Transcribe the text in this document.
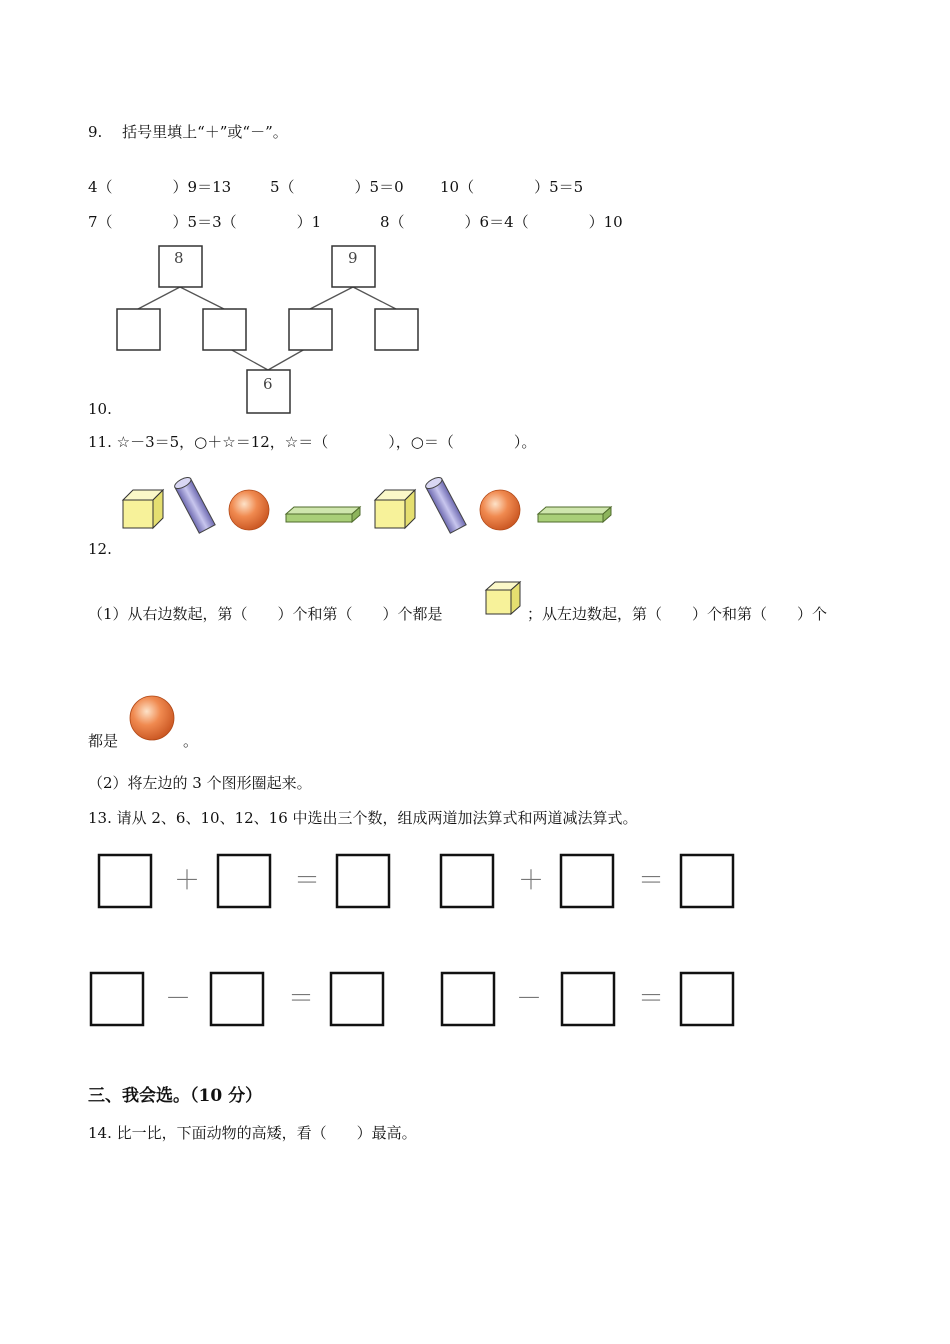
9.　 括号里填上“＋”或“－”。
4（　　　　）9＝13	5（　　　　）5＝0 10（　　　　）5＝5
7（　　　　）5＝3（　　　　）1	8（　　　　）6＝4（　　　　）10
8	9
6
10.
11. ☆－3＝5，○＋☆＝12，☆＝（　　　　），○＝（　　　　）。
12.
（1）从右边数起，第（　　）个和第（　　）个都是	；从左边数起，第（　　）个和第（　　）个
都是	。
（2）将左边的 3 个图形圈起来。
13. 请从 2、6、10、12、16 中选出三个数，组成两道加法算式和两道减法算式。
＋	＝	＋	＝
－	＝	－	＝
三、我会选。（10 分）
14. 比一比，下面动物的高矮，看（　　）最高。
